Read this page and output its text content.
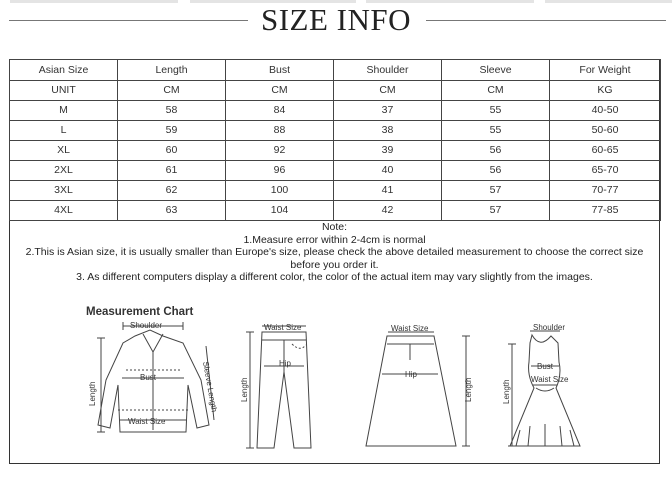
SIZE INFO
Asian Size	Length	Bust	Shoulder	Sleeve	For Weight
UNIT	CM	CM	CM	CM	KG
M	58	84	37	55	40-50
L	59	88	38	55	50-60
XL	60	92	39	56	60-65
2XL	61	96	40	56	65-70
3XL	62	100	41	57	70-77
4XL	63	104	42	57	77-85
Note:
1.Measure error within 2-4cm is normal
2.This is Asian size, it is usually smaller than Europe's size, please check the above detailed measurement to choose the correct size before you order it.
3. As different computers display a different color, the color of the actual item may vary slightly from the images.
Measurement Chart
Shoulder
Bust
Waist Size
Length	Sleeve Length
Waist Size
Hip
Length
Waist Size
Hip
Length
Shoulder
Bust
Waist Size
Length
